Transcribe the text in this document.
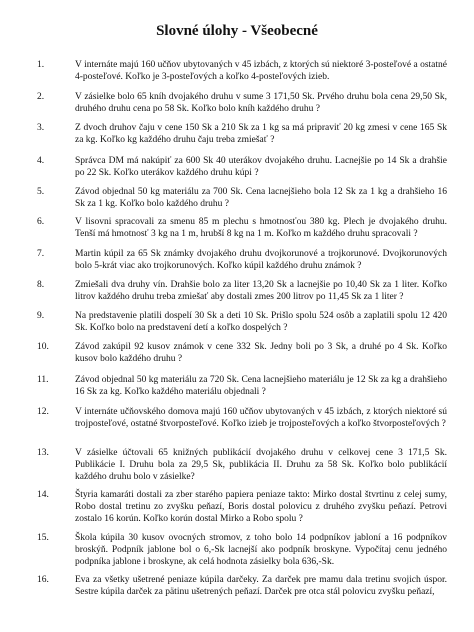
Slovné úlohy - Všeobecné
1.	V internáte majú 160 učňov ubytovaných v 45 izbách, z ktorých sú niektoré 3-posteľové a ostatné 4-posteľové. Koľko je 3-posteľových a koľko 4-posteľových izieb.
2.	V zásielke bolo 65 kníh dvojakého druhu v sume 3 171,50 Sk. Prvého druhu bola cena 29,50 Sk, druhého druhu cena po 58 Sk. Koľko bolo kníh každého druhu ?
3.	Z dvoch druhov čaju v cene 150 Sk a 210 Sk za 1 kg sa má pripraviť 20 kg zmesi v cene 165 Sk za kg. Koľko kg každého druhu čaju treba zmiešať ?
4.	Správca DM má nakúpiť za 600 Sk 40 uterákov dvojakého druhu. Lacnejšie po 14 Sk a drahšie po 22 Sk. Koľko uterákov každého druhu kúpi ?
5.	Závod objednal 50 kg materiálu za 700 Sk. Cena lacnejšieho bola 12 Sk za 1 kg a drahšieho 16 Sk za 1 kg. Koľko bolo každého druhu ?
6.	V lisovni spracovali za smenu 85 m plechu s hmotnosťou 380 kg. Plech je dvojakého druhu. Tenší má hmotnosť 3 kg na 1 m, hrubší 8 kg na 1 m. Koľko m každého druhu spracovali ?
7.	Martin kúpil za 65 Sk známky dvojakého druhu dvojkorunové a trojkorunové. Dvojkorunových bolo 5-krát viac ako trojkorunových. Koľko kúpil každého druhu známok ?
8.	Zmiešali dva druhy vín. Drahšie bolo za liter 13,20 Sk a lacnejšie po 10,40 Sk za 1 liter. Koľko litrov každého druhu treba zmiešať aby dostali zmes 200 litrov po 11,45 Sk za 1 liter ?
9.	Na predstavenie platili dospelí 30 Sk a deti 10 Sk. Prišlo spolu 524 osôb a zaplatili spolu 12 420 Sk. Koľko bolo na predstavení detí a koľko dospelých ?
10.	Závod zakúpil 92 kusov známok v cene 332 Sk. Jedny boli po 3 Sk, a druhé po 4 Sk. Koľko kusov bolo každého druhu ?
11.	Závod objednal 50 kg materiálu za 720 Sk. Cena lacnejšieho materiálu je 12 Sk za kg a drahšieho 16 Sk za kg. Koľko každého materiálu objednali ?
12.	V internáte učňovského domova majú 160 učňov ubytovaných v 45 izbách, z ktorých niektoré sú trojposteľové, ostatné štvorposteľové. Koľko izieb je trojposteľových a koľko štvorposteľových ?
13.	V zásielke účtovali 65 knižných publikácií dvojakého druhu v celkovej cene 3 171,5 Sk. Publikácie I. Druhu bola za 29,5 Sk, publikácia II. Druhu za 58 Sk. Koľko bolo publikácií každého druhu bolo v zásielke?
14.	Štyria kamaráti dostali za zber starého papiera peniaze takto: Mirko dostal štvrtinu z celej sumy, Robo dostal tretinu zo zvyšku peňazí, Boris dostal polovicu z druhého zvyšku peňazí. Petrovi zostalo 16 korún. Koľko korún dostal Mirko a Robo spolu ?
15.	Škola kúpila 30 kusov ovocných stromov, z toho bolo 14 podpníkov jabloní a 16 podpníkov broskýň. Podpník jablone bol o 6,-Sk lacnejší ako podpník broskyne. Vypočítaj cenu jedného podpníka jablone i broskyne, ak celá hodnota zásielky bola 636,-Sk.
16.	Eva za všetky ušetrené peniaze kúpila darčeky. Za darček pre mamu dala tretinu svojich úspor. Sestre kúpila darček za pätinu ušetrených peňazí. Darček pre otca stál polovicu zvyšku peňazí,
